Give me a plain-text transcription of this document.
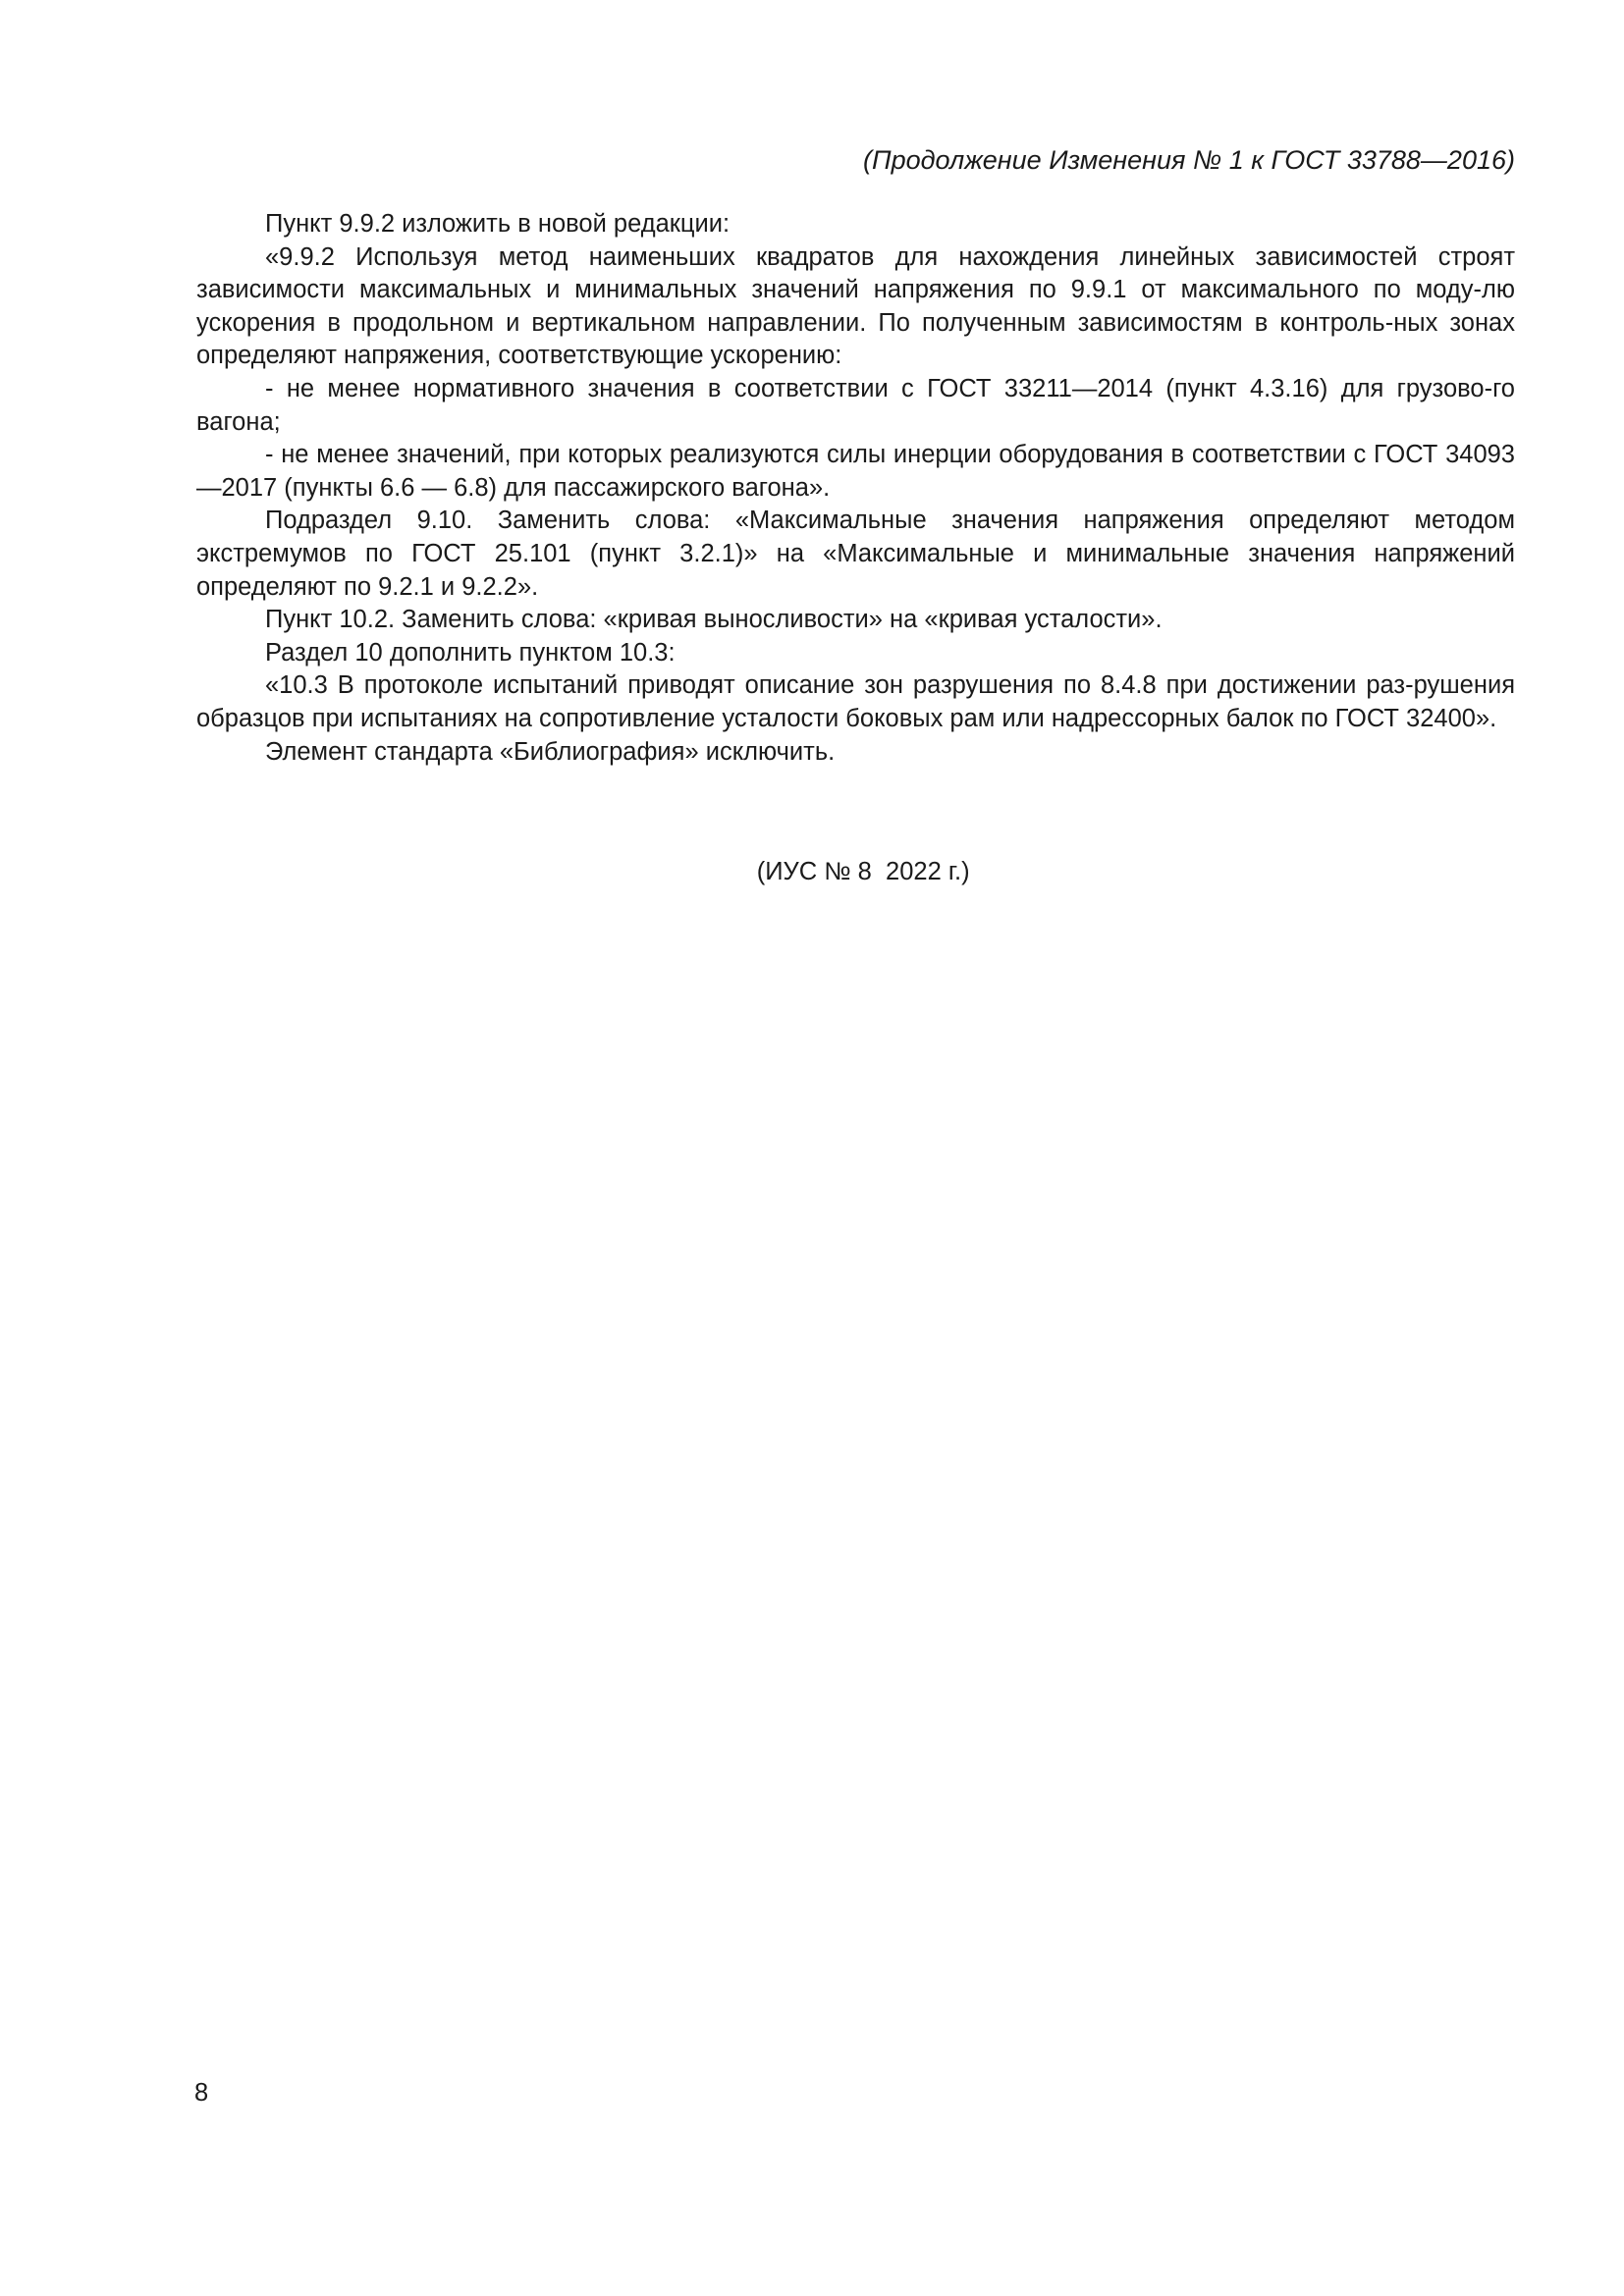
(Продолжение Изменения № 1 к ГОСТ 33788—2016)

Пункт 9.9.2 изложить в новой редакции:

«9.9.2 Используя метод наименьших квадратов для нахождения линейных зависимостей строят зависимости максимальных и минимальных значений напряжения по 9.9.1 от максимального по моду-лю ускорения в продольном и вертикальном направлении. По полученным зависимостям в контроль-ных зонах определяют напряжения, соответствующие ускорению:

- не менее нормативного значения в соответствии с ГОСТ 33211—2014 (пункт 4.3.16) для грузово-го вагона;

- не менее значений, при которых реализуются силы инерции оборудования в соответствии с ГОСТ 34093—2017 (пункты 6.6 — 6.8) для пассажирского вагона».

Подраздел 9.10. Заменить слова: «Максимальные значения напряжения определяют методом экстремумов по ГОСТ 25.101 (пункт 3.2.1)» на «Максимальные и минимальные значения напряжений определяют по 9.2.1 и 9.2.2».

Пункт 10.2. Заменить слова: «кривая выносливости» на «кривая усталости».

Раздел 10 дополнить пунктом 10.3:

«10.3 В протоколе испытаний приводят описание зон разрушения по 8.4.8 при достижении раз-рушения образцов при испытаниях на сопротивление усталости боковых рам или надрессорных балок по ГОСТ 32400».

Элемент стандарта «Библиография» исключить.

(ИУС № 8  2022 г.)

8
